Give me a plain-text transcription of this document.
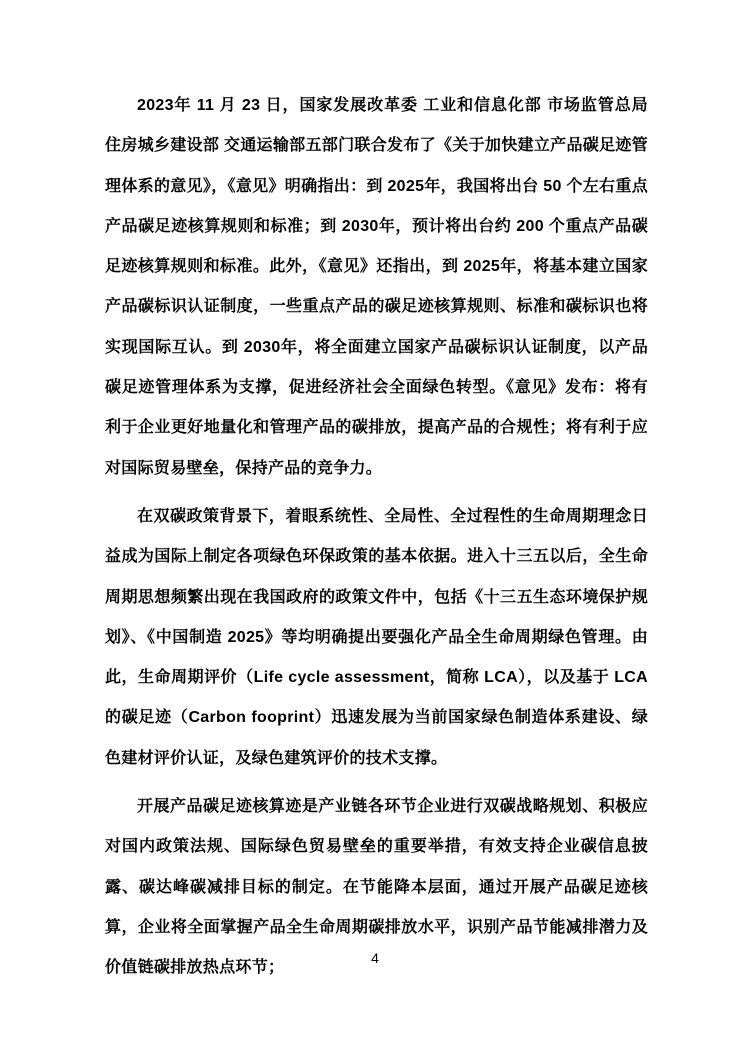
2023年 11 月 23 日，国家发展改革委 工业和信息化部 市场监管总局 住房城乡建设部 交通运输部五部门联合发布了《关于加快建立产品碳足迹管理体系的意见》，《意见》明确指出：到 2025年，我国将出台 50 个左右重点产品碳足迹核算规则和标准；到 2030年，预计将出台约 200 个重点产品碳足迹核算规则和标准。此外，《意见》还指出，到 2025年，将基本建立国家产品碳标识认证制度，一些重点产品的碳足迹核算规则、标准和碳标识也将实现国际互认。到 2030年，将全面建立国家产品碳标识认证制度，以产品碳足迹管理体系为支撑，促进经济社会全面绿色转型。《意见》发布：将有利于企业更好地量化和管理产品的碳排放，提高产品的合规性；将有利于应对国际贸易壁垒，保持产品的竞争力。

在双碳政策背景下，着眼系统性、全局性、全过程性的生命周期理念日益成为国际上制定各项绿色环保政策的基本依据。进入十三五以后，全生命周期思想频繁出现在我国政府的政策文件中，包括《十三五生态环境保护规划》、《中国制造 2025》等均明确提出要强化产品全生命周期绿色管理。由此，生命周期评价（Life cycle assessment，简称 LCA），以及基于 LCA 的碳足迹（Carbon fooprint）迅速发展为当前国家绿色制造体系建设、绿色建材评价认证，及绿色建筑评价的技术支撑。

开展产品碳足迹核算迹是产业链各环节企业进行双碳战略规划、积极应对国内政策法规、国际绿色贸易壁垒的重要举措，有效支持企业碳信息披露、碳达峰碳减排目标的制定。在节能降本层面，通过开展产品碳足迹核算，企业将全面掌握产品全生命周期碳排放水平，识别产品节能减排潜力及价值链碳排放热点环节；

4
